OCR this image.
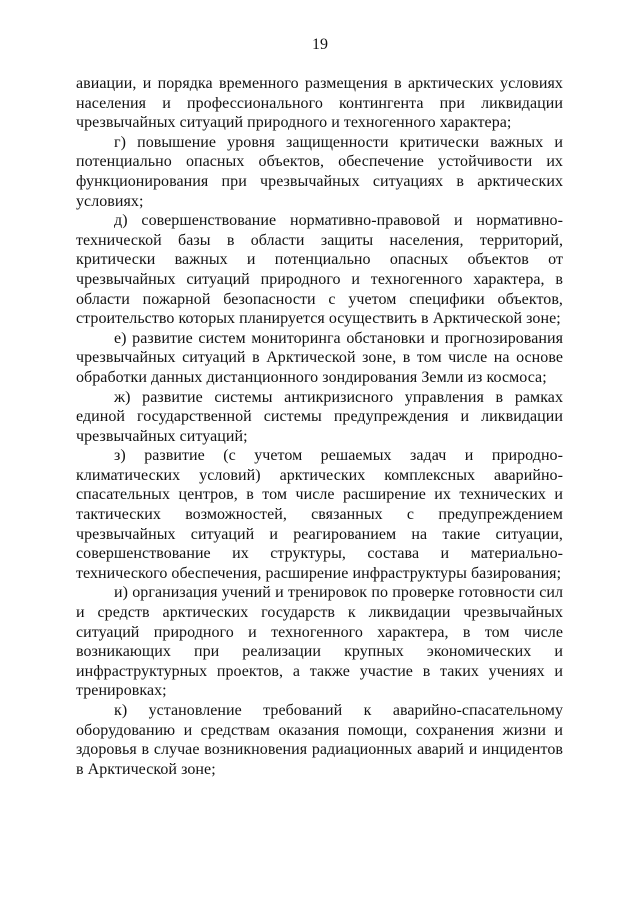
19

авиации, и порядка временного размещения в арктических условиях населения и профессионального контингента при ликвидации чрезвычайных ситуаций природного и техногенного характера;

г) повышение уровня защищенности критически важных и потенциально опасных объектов, обеспечение устойчивости их функционирования при чрезвычайных ситуациях в арктических условиях;

д) совершенствование нормативно-правовой и нормативно-технической базы в области защиты населения, территорий, критически важных и потенциально опасных объектов от чрезвычайных ситуаций природного и техногенного характера, в области пожарной безопасности с учетом специфики объектов, строительство которых планируется осуществить в Арктической зоне;

е) развитие систем мониторинга обстановки и прогнозирования чрезвычайных ситуаций в Арктической зоне, в том числе на основе обработки данных дистанционного зондирования Земли из космоса;

ж) развитие системы антикризисного управления в рамках единой государственной системы предупреждения и ликвидации чрезвычайных ситуаций;

з) развитие (с учетом решаемых задач и природно-климатических условий) арктических комплексных аварийно-спасательных центров, в том числе расширение их технических и тактических возможностей, связанных с предупреждением чрезвычайных ситуаций и реагированием на такие ситуации, совершенствование их структуры, состава и материально-технического обеспечения, расширение инфраструктуры базирования;

и) организация учений и тренировок по проверке готовности сил и средств арктических государств к ликвидации чрезвычайных ситуаций природного и техногенного характера, в том числе возникающих при реализации крупных экономических и инфраструктурных проектов, а также участие в таких учениях и тренировках;

к) установление требований к аварийно-спасательному оборудованию и средствам оказания помощи, сохранения жизни и здоровья в случае возникновения радиационных аварий и инцидентов в Арктической зоне;
